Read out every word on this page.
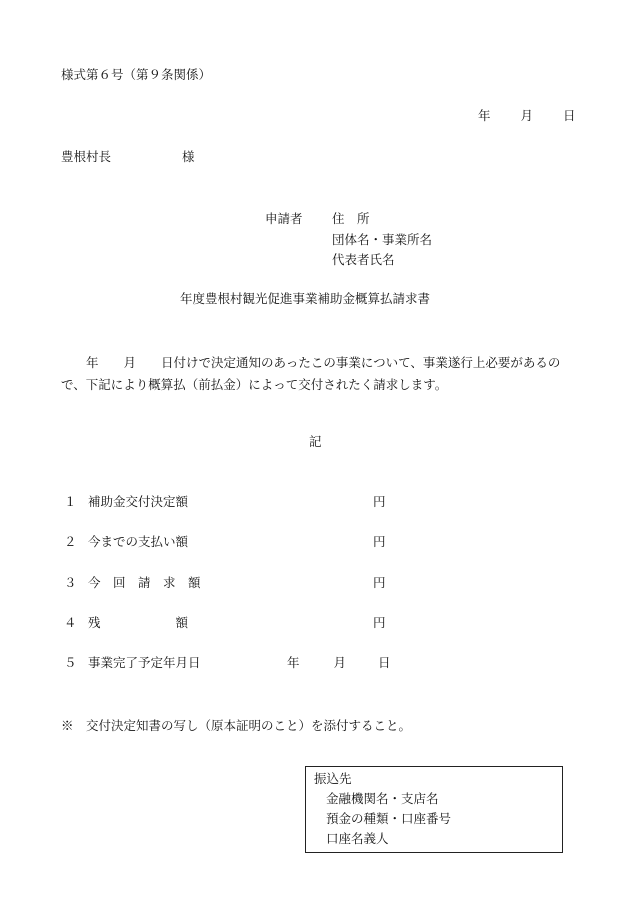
様式第６号（第９条関係）
年 月 日
豊根村長	様
申請者 住　所
団体名・事業所名
代表者氏名
年度豊根村観光促進事業補助金概算払請求書
　　年　　月　　日付けで決定通知のあったこの事業について、事業遂行上必要があるので、下記により概算払（前払金）によって交付されたく請求します。
記
１ 補助金交付決定額	円
２ 今までの支払い額	円
３ 今　回　請　求　額	円
４ 残　　　　　　額	円
５ 事業完了予定年月日	年	月	日
※　交付決定知書の写し（原本証明のこと）を添付すること。
振込先
金融機関名・支店名
預金の種類・口座番号
口座名義人
